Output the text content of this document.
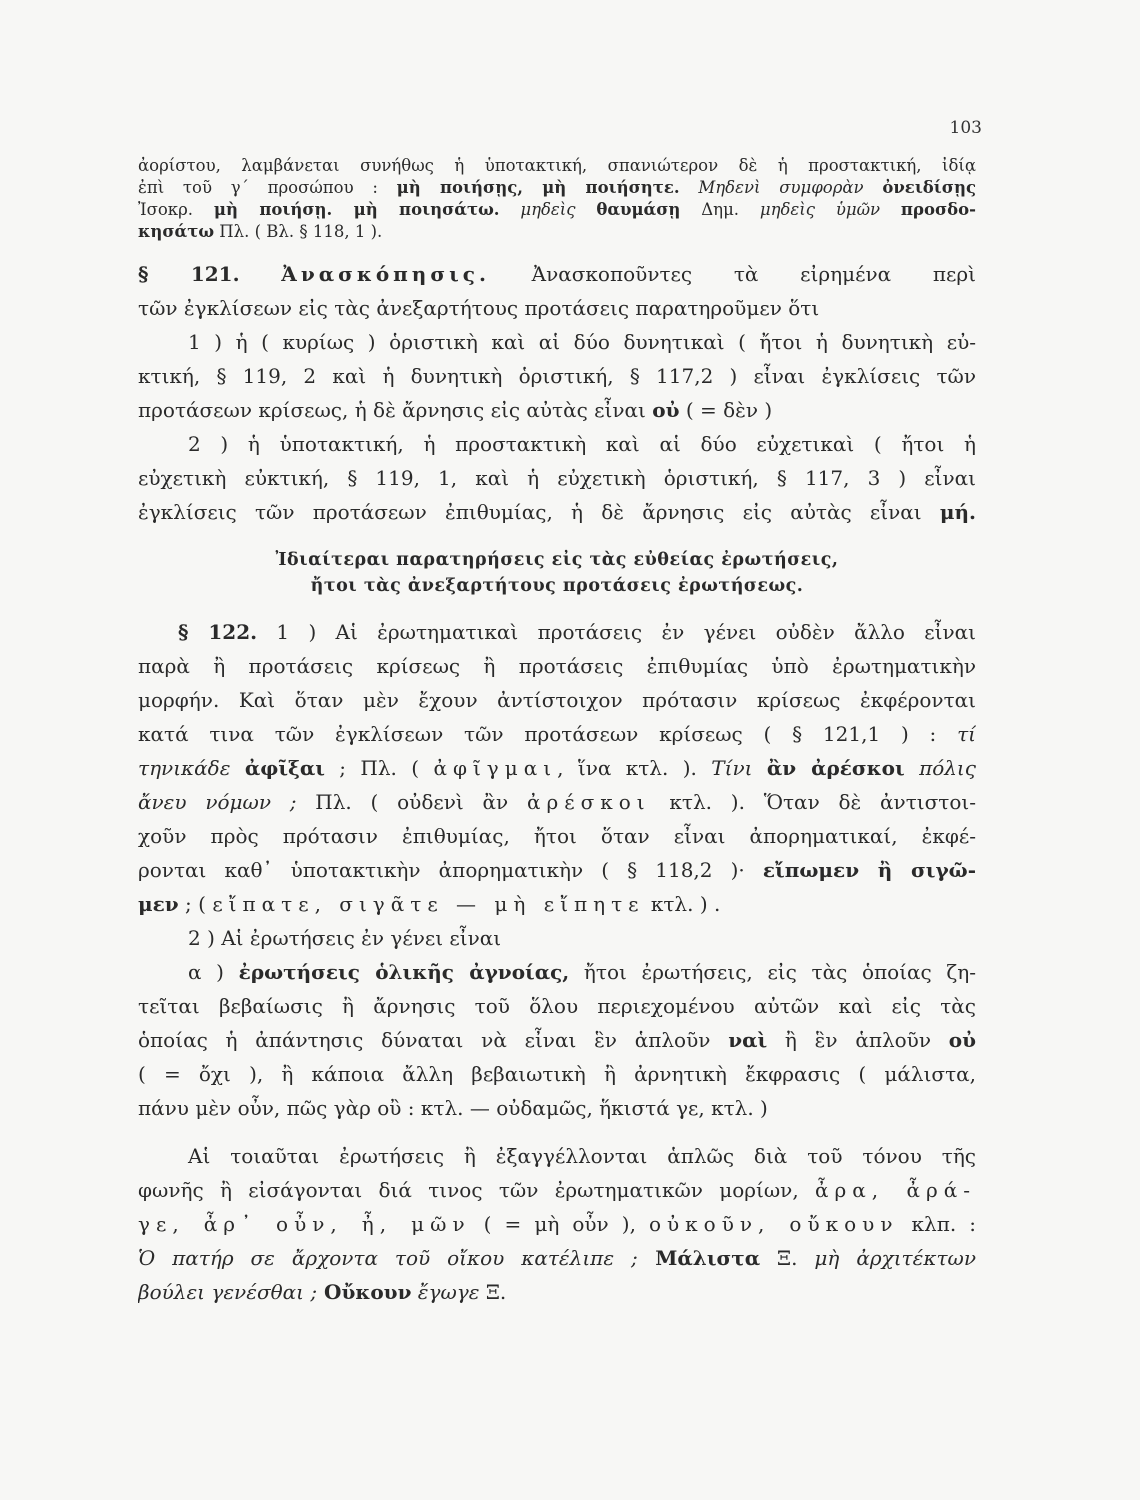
103
ἀορίστου, λαμβάνεται συνήθως ἡ ὑποτακτική, σπανιώτερον δὲ ἡ προστακτική, ἰδίᾳ
ἐπὶ τοῦ γ΄ προσώπου : μὴ ποιήσῃς, μὴ ποιήσητε. Μηδενὶ συμφορὰν ὀνειδίσῃς
Ἰσοκρ. μὴ ποιήσῃ. μὴ ποιησάτω. μηδεὶς θαυμάσῃ Δημ. μηδεὶς ὑμῶν προσδο-
κησάτω Πλ. ( Βλ. § 118, 1 ).
§ 121. Ἀνασκόπησις. Ἀνασκοποῦντες τὰ εἰρημένα περὶ
τῶν ἐγκλίσεων εἰς τὰς ἀνεξαρτήτους προτάσεις παρατηροῦμεν ὅτι
1 ) ἡ ( κυρίως ) ὁριστικὴ καὶ αἱ δύο δυνητικαὶ ( ἤτοι ἡ δυνητικὴ εὐ-
κτική, § 119, 2 καὶ ἡ δυνητικὴ ὁριστική, § 117,2 ) εἶναι ἐγκλίσεις τῶν
προτάσεων κρίσεως, ἡ δὲ ἄρνησις εἰς αὐτὰς εἶναι οὐ ( = δὲν )
2 ) ἡ ὑποτακτική, ἡ προστακτικὴ καὶ αἱ δύο εὐχετικαὶ ( ἤτοι ἡ
εὐχετικὴ εὐκτική, § 119, 1, καὶ ἡ εὐχετικὴ ὁριστική, § 117, 3 ) εἶναι
ἐγκλίσεις τῶν προτάσεων ἐπιθυμίας, ἡ δὲ ἄρνησις εἰς αὐτὰς εἶναι μή.
Ἰδιαίτεραι παρατηρήσεις εἰς τὰς εὐθείας ἐρωτήσεις,
ἤτοι τὰς ἀνεξαρτήτους προτάσεις ἐρωτήσεως.
§ 122. 1 ) Αἱ ἐρωτηματικαὶ προτάσεις ἐν γένει οὐδὲν ἄλλο εἶναι
παρὰ ἢ προτάσεις κρίσεως ἢ προτάσεις ἐπιθυμίας ὑπὸ ἐρωτηματικὴν
μορφήν. Καὶ ὅταν μὲν ἔχουν ἀντίστοιχον πρότασιν κρίσεως ἐκφέρονται
κατά τινα τῶν ἐγκλίσεων τῶν προτάσεων κρίσεως ( § 121,1 ) : τί
τηνικάδε ἀφῖξαι ; Πλ. ( ἀφῖγμαι, ἵνα κτλ. ). Τίνι ἂν ἀρέσκοι πόλις
ἄνευ νόμων ; Πλ. ( οὐδενὶ ἂν ἀρέσκοι κτλ. ). Ὅταν δὲ ἀντιστοι-
χοῦν πρὸς πρότασιν ἐπιθυμίας, ἤτοι ὅταν εἶναι ἀπορηματικαί, ἐκφέ-
ρονται καθ᾽ ὑποτακτικὴν ἀπορηματικὴν ( § 118,2 )· εἴπωμεν ἢ σιγῶ-
μεν ; ( εἴπατε, σιγᾶτε — μὴ εἴπητε κτλ. ) .
2 ) Αἱ ἐρωτήσεις ἐν γένει εἶναι
α ) ἐρωτήσεις ὁλικῆς ἀγνοίας, ἤτοι ἐρωτήσεις, εἰς τὰς ὁποίας ζη-
τεῖται βεβαίωσις ἢ ἄρνησις τοῦ ὅλου περιεχομένου αὐτῶν καὶ εἰς τὰς
ὁποίας ἡ ἀπάντησις δύναται νὰ εἶναι ἓν ἁπλοῦν ναὶ ἢ ἓν ἁπλοῦν οὐ
( = ὄχι ), ἢ κάποια ἄλλη βεβαιωτικὴ ἢ ἀρνητικὴ ἔκφρασις ( μάλιστα,
πάνυ μὲν οὖν, πῶς γὰρ οὒ : κτλ. — οὐδαμῶς, ἥκιστά γε, κτλ. )
Αἱ τοιαῦται ἐρωτήσεις ἢ ἐξαγγέλλονται ἁπλῶς διὰ τοῦ τόνου τῆς
φωνῆς ἢ εἰσάγονται διά τινος τῶν ἐρωτηματικῶν μορίων, ἆρα, ἆρά-
γε, ἆρ᾽ οὖν, ἦ, μῶν ( = μὴ οὖν ), οὐκοῦν, οὔκουν κλπ. :
Ὁ πατήρ σε ἄρχοντα τοῦ οἴκου κατέλιπε ; Μάλιστα Ξ. μὴ ἀρχιτέκτων
βούλει γενέσθαι ; Οὔκουν ἔγωγε Ξ.
